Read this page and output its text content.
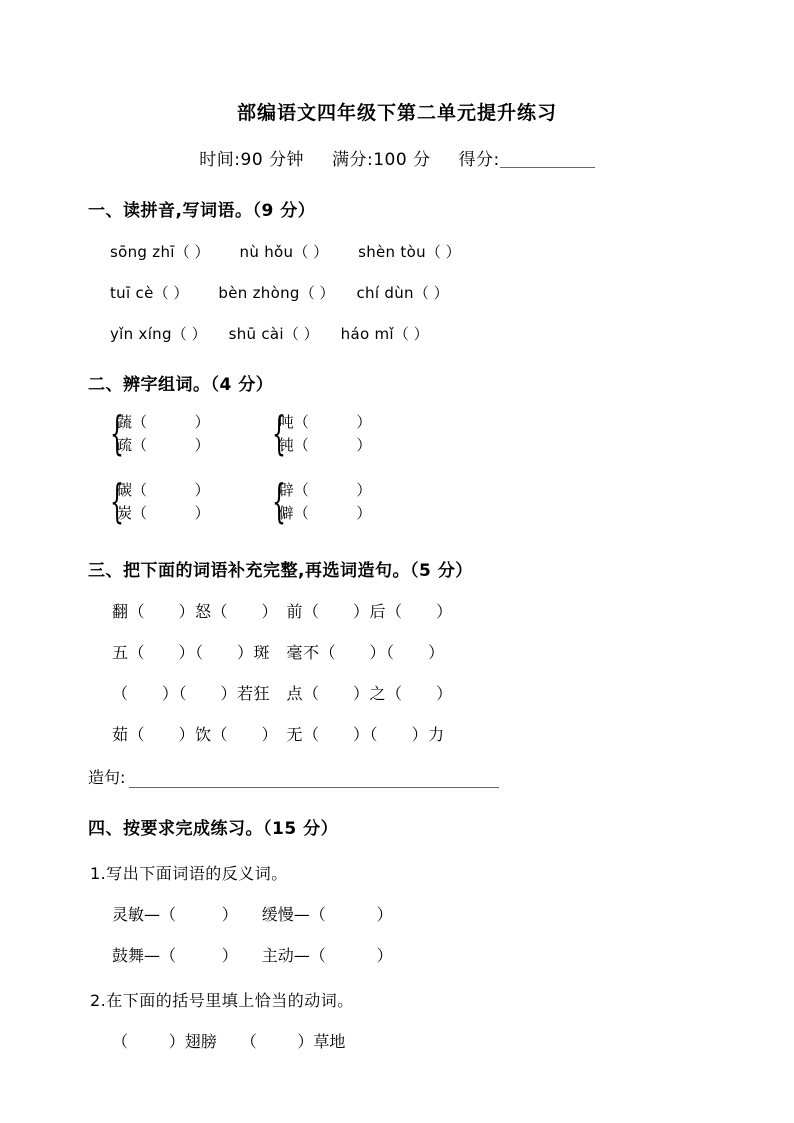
部编语文四年级下第二单元提升练习
时间:90 分钟 满分:100 分 得分:
一、读拼音,写词语。（9 分）
sōng zhī（ ） nù hǒu（ ） shèn tòu（ ）
tuī cè（ ） bèn zhòng（ ） chí dùn（ ）
yǐn xíng（ ） shū cài（ ） háo mǐ（ ）
二、辨字组词。（4 分）
{
蔬（          ）
疏（          ） {
吨（          ）
钝（          ）
{
碳（          ）
炭（          ） {
辟（          ）
僻（          ）
三、把下面的词语补充完整,再选词造句。（5 分）
翻（      ）怒（      ）　前（      ）后（      ）
五（      ）（      ）斑　毫不（      ）（      ）
（      ）（      ）若狂　点（      ）之（      ）
茹（      ）饮（      ）　无（      ）（      ）力
造句:
四、按要求完成练习。（15 分）
1.写出下面词语的反义词。
灵敏—（         ）　　缓慢—（          ）
鼓舞—（         ）　　主动—（          ）
2.在下面的括号里填上恰当的动词。
（        ）翅膀　　（        ）草地
